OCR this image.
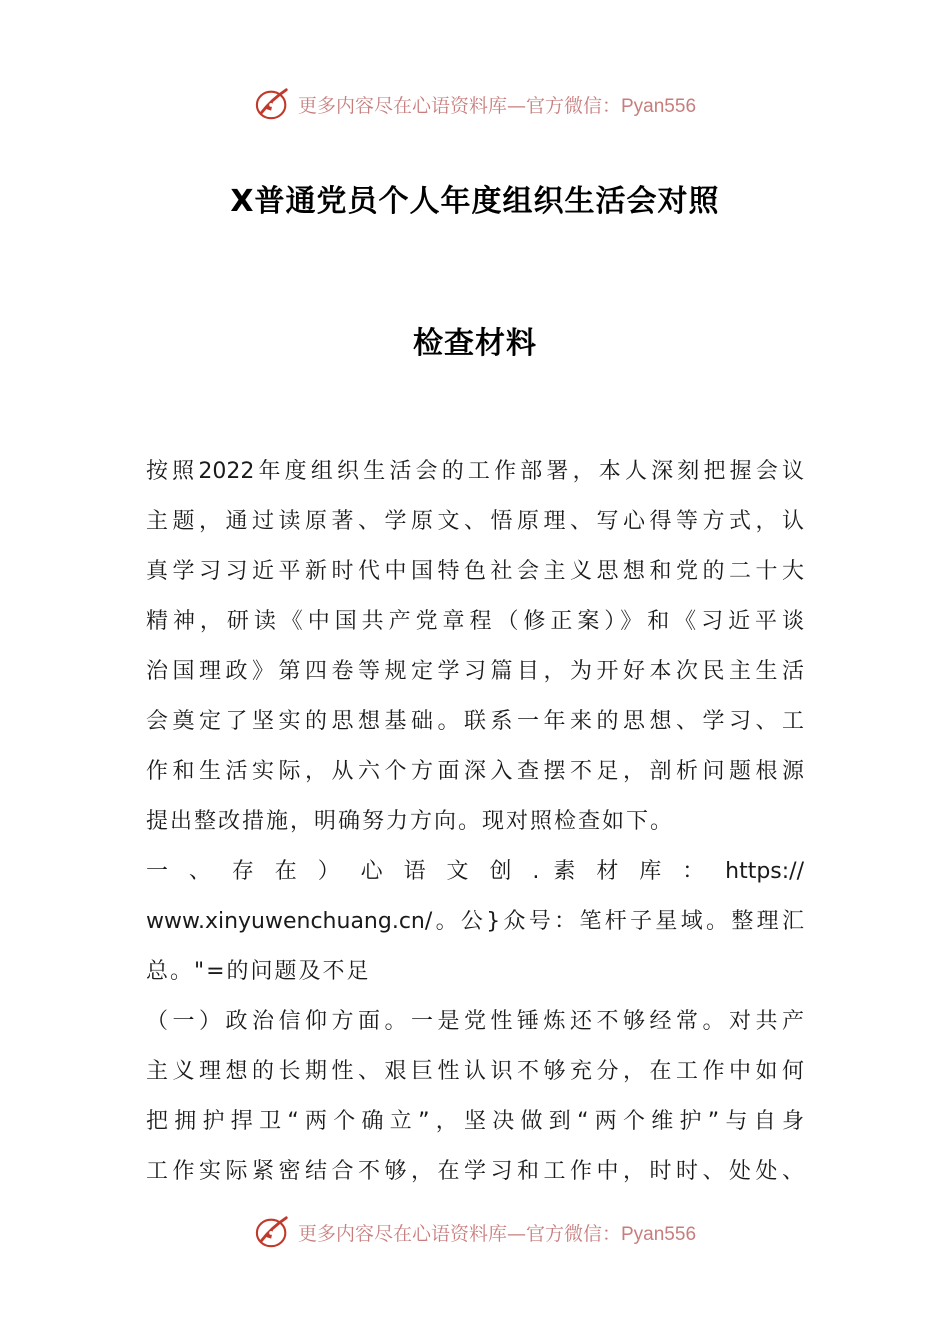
更多内容尽在心语资料库—官方微信：Pyan556
X普通党员个人年度组织生活会对照
检查材料
按照2022年度组织生活会的工作部署，本人深刻把握会议
主题，通过读原著、学原文、悟原理、写心得等方式，认
真学习习近平新时代中国特色社会主义思想和党的二十大
精神，研读《中国共产党章程（修正案）》和《习近平谈
治国理政》第四卷等规定学习篇目，为开好本次民主生活
会奠定了坚实的思想基础。联系一年来的思想、学习、工
作和生活实际，从六个方面深入查摆不足，剖析问题根源
提出整改措施，明确努力方向。现对照检查如下。
一 、 存 在 ） 心 语 文 创 . 素 材 库 ： https://
www.xinyuwenchuang.cn/。公}众号：笔杆子星域。整理汇
总。"=的问题及不足
（一）政治信仰方面。一是党性锤炼还不够经常。对共产
主义理想的长期性、艰巨性认识不够充分，在工作中如何
把拥护捍卫“两个确立”，坚决做到“两个维护”与自身
工作实际紧密结合不够，在学习和工作中，时时、处处、
更多内容尽在心语资料库—官方微信：Pyan556
